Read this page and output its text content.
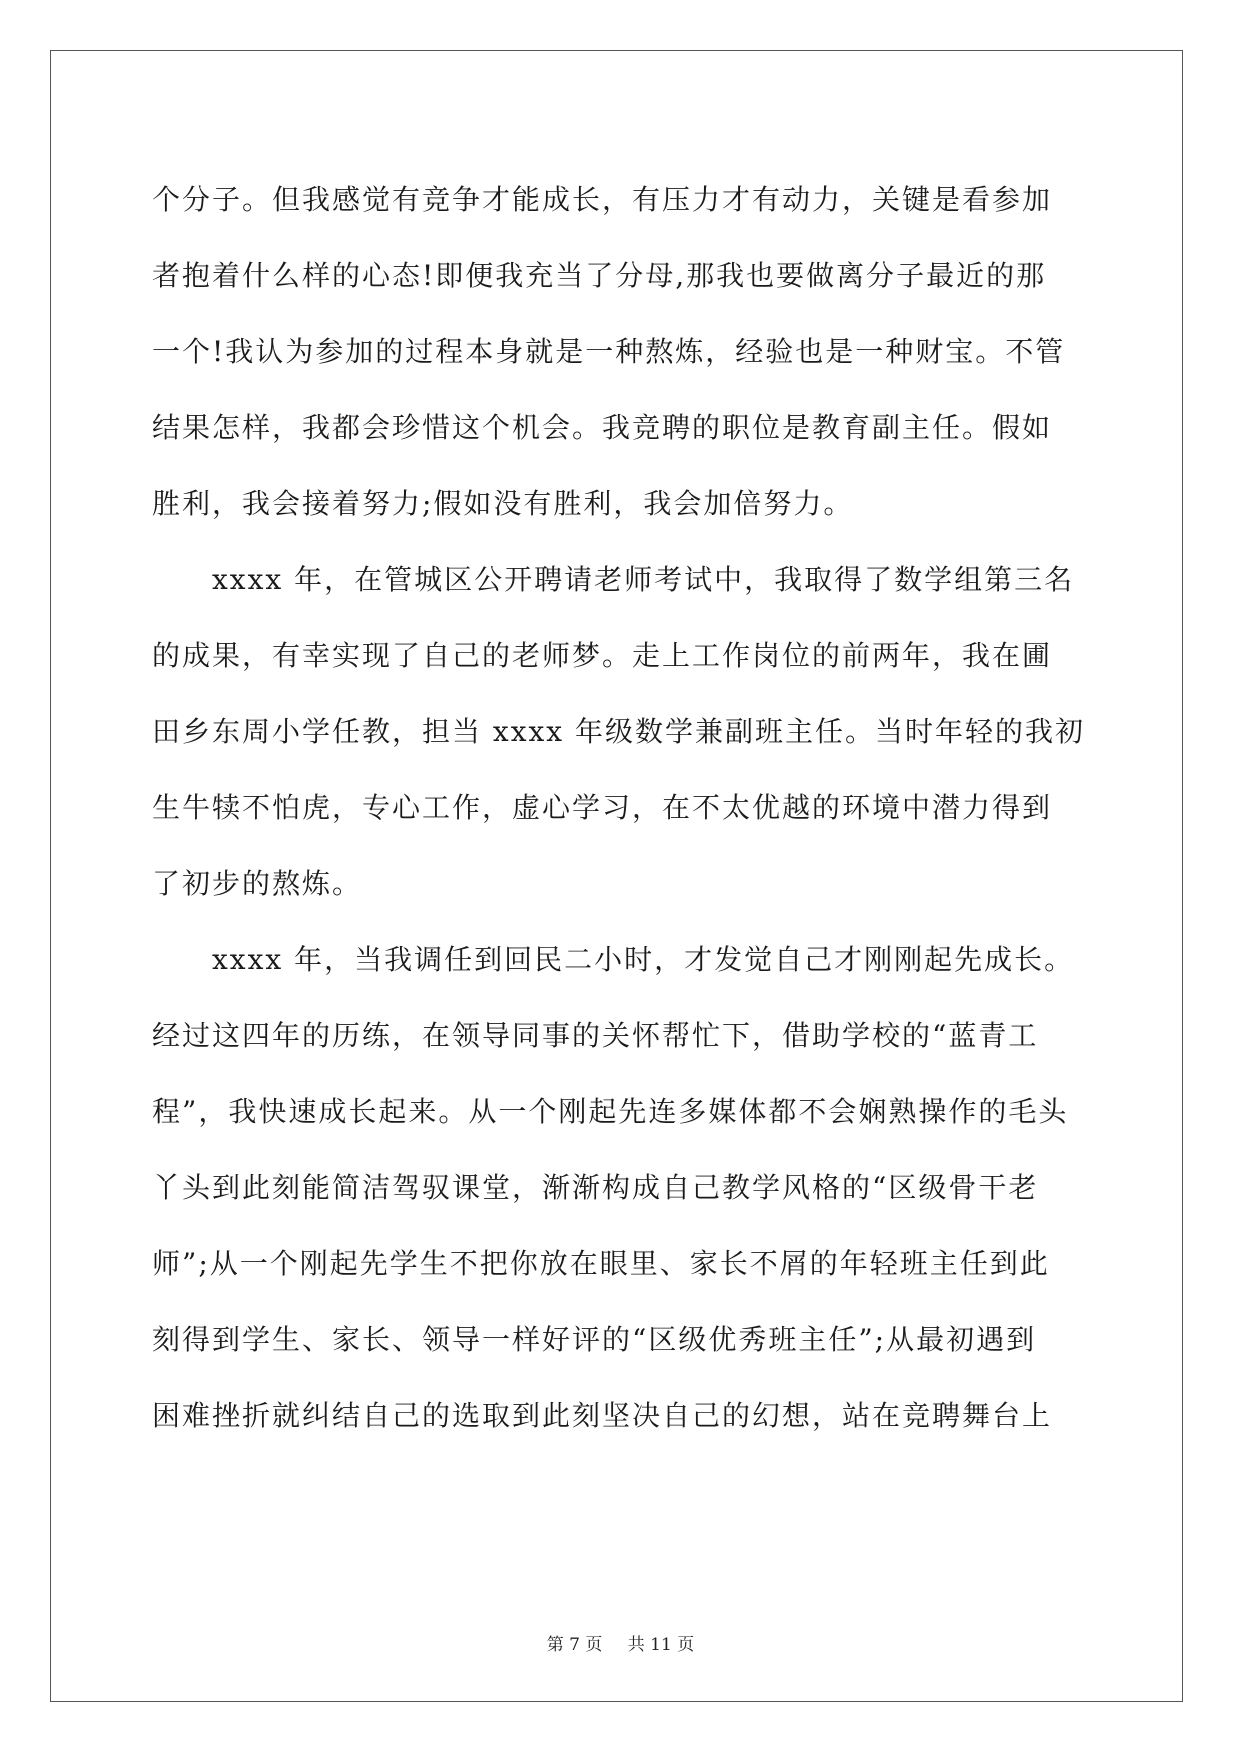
个分子。但我感觉有竞争才能成长，有压力才有动力，关键是看参加
者抱着什么样的心态!即便我充当了分母,那我也要做离分子最近的那
一个!我认为参加的过程本身就是一种熬炼，经验也是一种财宝。不管
结果怎样，我都会珍惜这个机会。我竞聘的职位是教育副主任。假如
胜利，我会接着努力;假如没有胜利，我会加倍努力。
xxxx 年，在管城区公开聘请老师考试中，我取得了数学组第三名
的成果，有幸实现了自己的老师梦。走上工作岗位的前两年，我在圃
田乡东周小学任教，担当 xxxx 年级数学兼副班主任。当时年轻的我初
生牛犊不怕虎，专心工作，虚心学习，在不太优越的环境中潜力得到
了初步的熬炼。
xxxx 年，当我调任到回民二小时，才发觉自己才刚刚起先成长。
经过这四年的历练，在领导同事的关怀帮忙下，借助学校的“蓝青工
程”，我快速成长起来。从一个刚起先连多媒体都不会娴熟操作的毛头
丫头到此刻能简洁驾驭课堂，渐渐构成自己教学风格的“区级骨干老
师”;从一个刚起先学生不把你放在眼里、家长不屑的年轻班主任到此
刻得到学生、家长、领导一样好评的“区级优秀班主任”;从最初遇到
困难挫折就纠结自己的选取到此刻坚决自己的幻想，站在竞聘舞台上
第 7 页 共 11 页
